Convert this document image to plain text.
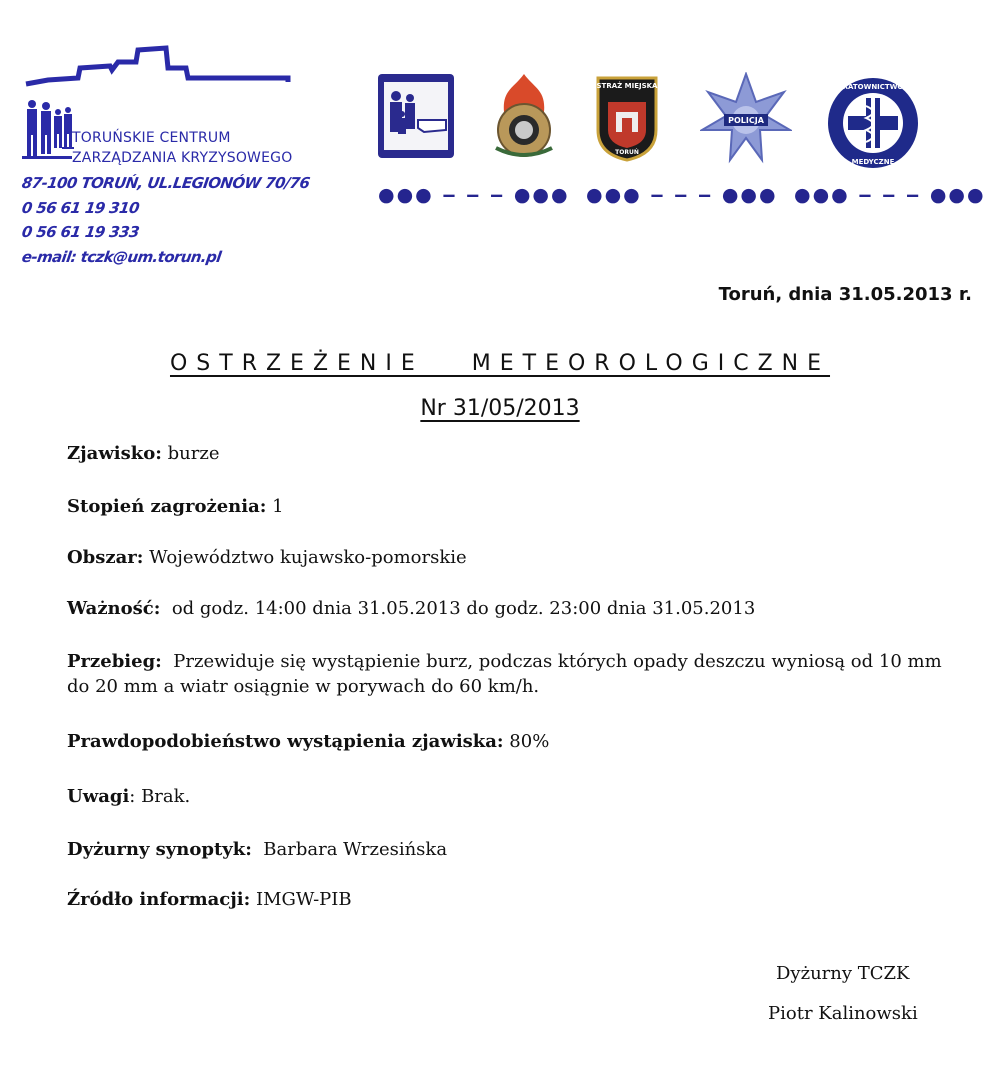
TORUŃSKIE CENTRUM
ZARZĄDZANIA KRYZYSOWEGO
87-100 TORUŃ, UL.LEGIONÓW 70/76
0 56 61 19 310
0 56 61 19 333
e-mail: tczk@um.torun.pl
STRAŻ MIEJSKA
TORUŃ
POLICJA
RATOWNICTWO
MEDYCZNE
●●● ‒ ‒ ‒ ●●● ●●● ‒ ‒ ‒ ●●● ●●● ‒ ‒ ‒ ●●●
Toruń, dnia 31.05.2013 r.
OSTRZEŻENIE   METEOROLOGICZNE
Nr 31/05/2013
Zjawisko: burze
Stopień zagrożenia: 1
Obszar: Województwo kujawsko-pomorskie
Ważność:  od godz. 14:00 dnia 31.05.2013 do godz. 23:00 dnia 31.05.2013
Przebieg:  Przewiduje się wystąpienie burz, podczas których opady deszczu wyniosą od 10 mm do 20 mm a wiatr osiągnie w porywach do 60 km/h.
Prawdopodobieństwo wystąpienia zjawiska: 80%
Uwagi: Brak.
Dyżurny synoptyk:  Barbara Wrzesińska
Źródło informacji: IMGW-PIB
Dyżurny TCZK
Piotr Kalinowski
